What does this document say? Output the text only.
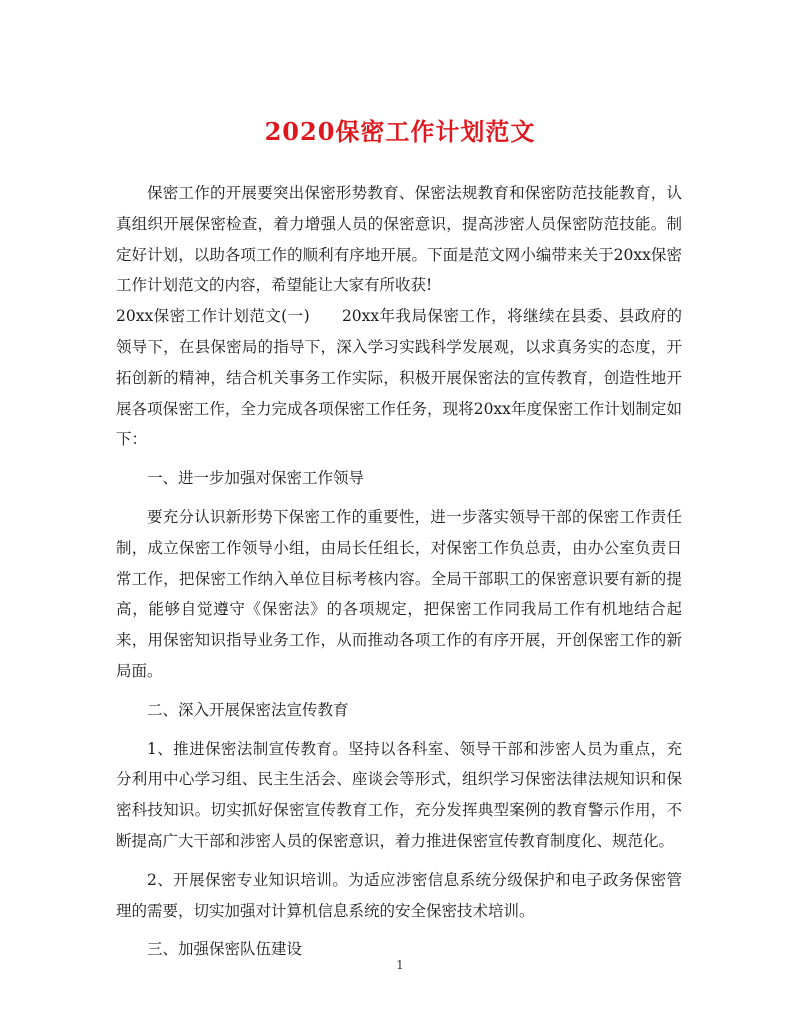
2020保密工作计划范文

保密工作的开展要突出保密形势教育、保密法规教育和保密防范技能教育，认真组织开展保密检查，着力增强人员的保密意识，提高涉密人员保密防范技能。制定好计划，以助各项工作的顺利有序地开展。下面是范文网小编带来关于20xx保密工作计划范文的内容，希望能让大家有所收获!

20xx保密工作计划范文(一)　　20xx年我局保密工作，将继续在县委、县政府的领导下，在县保密局的指导下，深入学习实践科学发展观，以求真务实的态度，开拓创新的精神，结合机关事务工作实际，积极开展保密法的宣传教育，创造性地开展各项保密工作，全力完成各项保密工作任务，现将20xx年度保密工作计划制定如下：

一、进一步加强对保密工作领导

要充分认识新形势下保密工作的重要性，进一步落实领导干部的保密工作责任制，成立保密工作领导小组，由局长任组长，对保密工作负总责，由办公室负责日常工作，把保密工作纳入单位目标考核内容。全局干部职工的保密意识要有新的提高，能够自觉遵守《保密法》的各项规定，把保密工作同我局工作有机地结合起来，用保密知识指导业务工作，从而推动各项工作的有序开展，开创保密工作的新局面。

二、深入开展保密法宣传教育

1、推进保密法制宣传教育。坚持以各科室、领导干部和涉密人员为重点，充分利用中心学习组、民主生活会、座谈会等形式，组织学习保密法律法规知识和保密科技知识。切实抓好保密宣传教育工作，充分发挥典型案例的教育警示作用，不断提高广大干部和涉密人员的保密意识，着力推进保密宣传教育制度化、规范化。

2、开展保密专业知识培训。为适应涉密信息系统分级保护和电子政务保密管理的需要，切实加强对计算机信息系统的安全保密技术培训。

三、加强保密队伍建设

1
